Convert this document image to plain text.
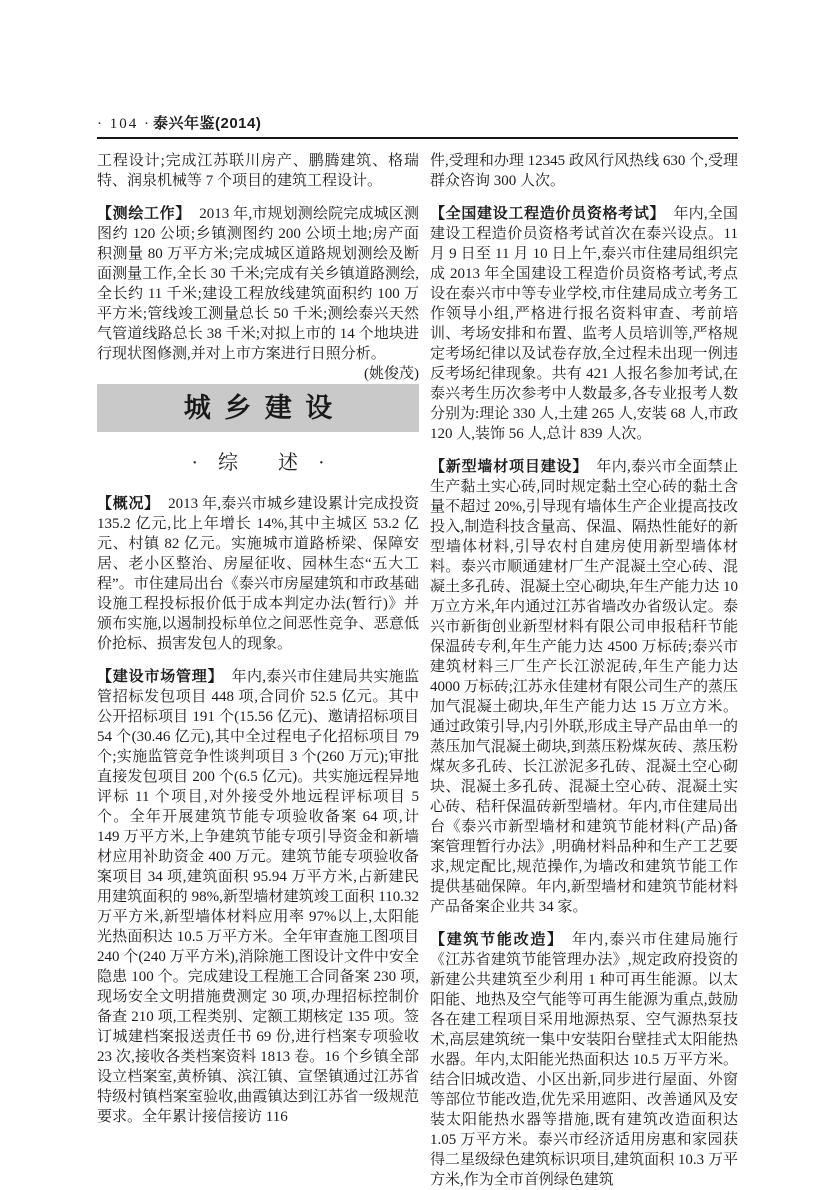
· 104 · 泰兴年鉴(2014)

工程设计;完成江苏联川房产、鹏腾建筑、格瑞特、润泉机械等 7 个项目的建筑工程设计。

【测绘工作】 2013 年,市规划测绘院完成城区测图约 120 公顷;乡镇测图约 200 公顷土地;房产面积测量 80 万平方米;完成城区道路规划测绘及断面测量工作,全长 30 千米;完成有关乡镇道路测绘,全长约 11 千米;建设工程放线建筑面积约 100 万平方米;管线竣工测量总长 50 千米;测绘泰兴天然气管道线路总长 38 千米;对拟上市的 14 个地块进行现状图修测,并对上市方案进行日照分析。
(姚俊茂)

城乡建设
·　综　　述　·

【概况】 2013 年,泰兴市城乡建设累计完成投资 135.2 亿元,比上年增长 14%,其中主城区 53.2 亿元、村镇 82 亿元。实施城市道路桥梁、保障安居、老小区整治、房屋征收、园林生态“五大工程”。市住建局出台《泰兴市房屋建筑和市政基础设施工程投标报价低于成本判定办法(暂行)》并颁布实施,以遏制投标单位之间恶性竞争、恶意低价抢标、损害发包人的现象。

【建设市场管理】 年内,泰兴市住建局共实施监管招标发包项目 448 项,合同价 52.5 亿元。其中公开招标项目 191 个(15.56 亿元)、邀请招标项目 54 个(30.46 亿元),其中全过程电子化招标项目 79 个;实施监管竞争性谈判项目 3 个(260 万元);审批直接发包项目 200 个(6.5 亿元)。共实施远程异地评标 11 个项目,对外接受外地远程评标项目 5 个。全年开展建筑节能专项验收备案 64 项,计 149 万平方米,上争建筑节能专项引导资金和新墙材应用补助资金 400 万元。建筑节能专项验收备案项目 34 项,建筑面积 95.94 万平方米,占新建民用建筑面积的 98%,新型墙材建筑竣工面积 110.32 万平方米,新型墙体材料应用率 97%以上,太阳能光热面积达 10.5 万平方米。全年审查施工图项目 240 个(240 万平方米),消除施工图设计文件中安全隐患 100 个。完成建设工程施工合同备案 230 项,现场安全文明措施费测定 30 项,办理招标控制价备查 210 项,工程类别、定额工期核定 135 项。签订城建档案报送责任书 69 份,进行档案专项验收 23 次,接收各类档案资料 1813 卷。16 个乡镇全部设立档案室,黄桥镇、滨江镇、宣堡镇通过江苏省特级村镇档案室验收,曲霞镇达到江苏省一级规范要求。全年累计接信接访 116

件,受理和办理 12345 政风行风热线 630 个,受理群众咨询 300 人次。

【全国建设工程造价员资格考试】 年内,全国建设工程造价员资格考试首次在泰兴设点。11 月 9 日至 11 月 10 日上午,泰兴市住建局组织完成 2013 年全国建设工程造价员资格考试,考点设在泰兴市中等专业学校,市住建局成立考务工作领导小组,严格进行报名资料审查、考前培训、考场安排和布置、监考人员培训等,严格规定考场纪律以及试卷存放,全过程未出现一例违反考场纪律现象。共有 421 人报名参加考试,在泰兴考生历次参考中人数最多,各专业报考人数分别为:理论 330 人,土建 265 人,安装 68 人,市政 120 人,装饰 56 人,总计 839 人次。

【新型墙材项目建设】 年内,泰兴市全面禁止生产黏土实心砖,同时规定黏土空心砖的黏土含量不超过 20%,引导现有墙体生产企业提高技改投入,制造科技含量高、保温、隔热性能好的新型墙体材料,引导农村自建房使用新型墙体材料。泰兴市顺通建材厂生产混凝土空心砖、混凝土多孔砖、混凝土空心砌块,年生产能力达 10 万立方米,年内通过江苏省墙改办省级认定。泰兴市新街创业新型材料有限公司申报秸秆节能保温砖专利,年生产能力达 4500 万标砖;泰兴市建筑材料三厂生产长江淤泥砖,年生产能力达 4000 万标砖;江苏永佳建材有限公司生产的蒸压加气混凝土砌块,年生产能力达 15 万立方米。通过政策引导,内引外联,形成主导产品由单一的蒸压加气混凝土砌块,到蒸压粉煤灰砖、蒸压粉煤灰多孔砖、长江淤泥多孔砖、混凝土空心砌块、混凝土多孔砖、混凝土空心砖、混凝土实心砖、秸秆保温砖新型墙材。年内,市住建局出台《泰兴市新型墙材和建筑节能材料(产品)备案管理暂行办法》,明确材料品种和生产工艺要求,规定配比,规范操作,为墙改和建筑节能工作提供基础保障。年内,新型墙材和建筑节能材料产品备案企业共 34 家。

【建筑节能改造】 年内,泰兴市住建局施行《江苏省建筑节能管理办法》,规定政府投资的新建公共建筑至少利用 1 种可再生能源。以太阳能、地热及空气能等可再生能源为重点,鼓励各在建工程项目采用地源热泵、空气源热泵技术,高层建筑统一集中安装阳台壁挂式太阳能热水器。年内,太阳能光热面积达 10.5 万平方米。结合旧城改造、小区出新,同步进行屋面、外窗等部位节能改造,优先采用遮阳、改善通风及安装太阳能热水器等措施,既有建筑改造面积达 1.05 万平方米。泰兴市经济适用房惠和家园获得二星级绿色建筑标识项目,建筑面积 10.3 万平方米,作为全市首例绿色建筑
